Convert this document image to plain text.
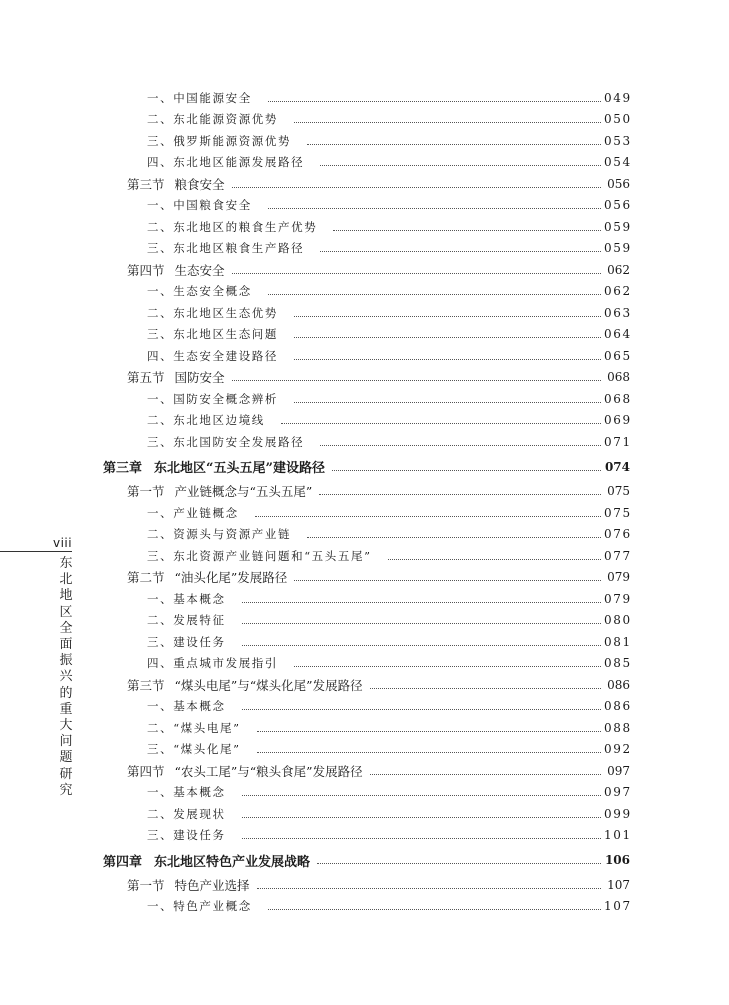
一、中国能源安全	049
二、东北能源资源优势	050
三、俄罗斯能源资源优势	053
四、东北地区能源发展路径	054
第三节 粮食安全	056
一、中国粮食安全	056
二、东北地区的粮食生产优势	059
三、东北地区粮食生产路径	059
第四节 生态安全	062
一、生态安全概念	062
二、东北地区生态优势	063
三、东北地区生态问题	064
四、生态安全建设路径	065
第五节 国防安全	068
一、国防安全概念辨析	068
二、东北地区边境线	069
三、东北国防安全发展路径	071
第三章 东北地区“五头五尾”建设路径	074
第一节 产业链概念与“五头五尾”	075
一、产业链概念	075
二、资源头与资源产业链	076
三、东北资源产业链问题和“五头五尾”	077
第二节 “油头化尾”发展路径	079
一、基本概念	079
二、发展特征	080
三、建设任务	081
四、重点城市发展指引	085
第三节 “煤头电尾”与“煤头化尾”发展路径	086
一、基本概念	086
二、“煤头电尾”	088
三、“煤头化尾”	092
第四节 “农头工尾”与“粮头食尾”发展路径	097
一、基本概念	097
二、发展现状	099
三、建设任务	101
第四章 东北地区特色产业发展战略	106
第一节 特色产业选择	107
一、特色产业概念	107
viii
东北地区全面振兴的重大问题研究
